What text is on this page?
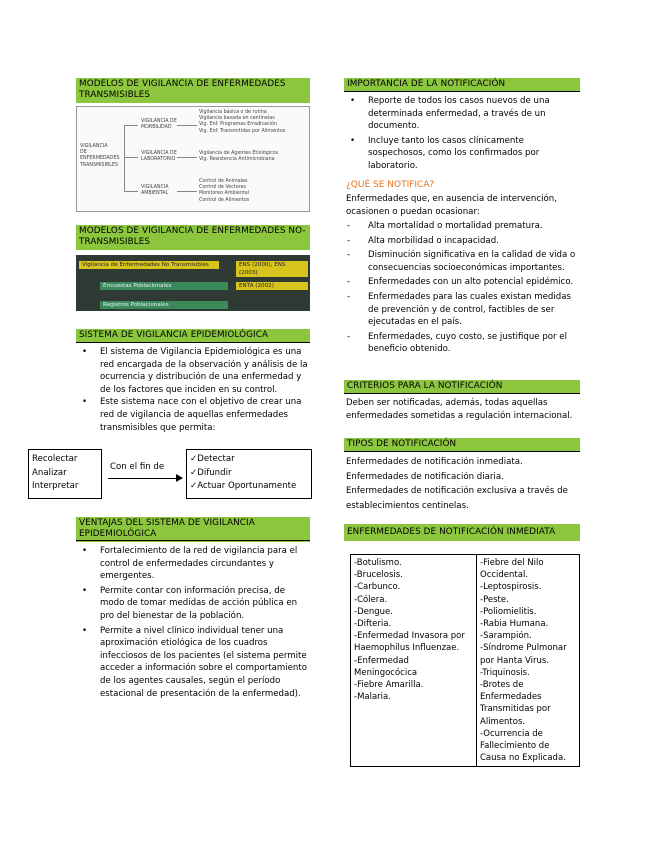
MODELOS DE VIGILANCIA DE ENFERMEDADES TRANSMISIBLES
VIGILANCIA
DE
ENFERMEDADES
TRANSMISIBLES
VIGILANCIA DE
MORBILIDAD
Vigilancia básica o de rutina
Vigilancia basada en centinelas
Vig. Enf. Programas Erradicación
Vig. Enf. Transmitidas por Alimentos
VIGILANCIA DE
LABORATORIO
Vigilancia de Agentes Etiológicos
Vig. Resistencia Antimicrobiana
VIGILANCIA
AMBIENTAL
Control de Animales
Control de Vectores
Monitoreo Ambiental
Control de Alimentos
MODELOS DE VIGILANCIA DE ENFERMEDADES NO-TRANSMISIBLES
Vigilancia de Enfermedades No Transmisibles	ENS (2000), ENS (2003)
Encuestas Poblacionales	ENTA (2002)
Registros Poblacionales
SISTEMA DE VIGILANCIA EPIDEMIOLÓGICA
• El sistema de Vigilancia Epidemiológica es una red encargada de la observación y análisis de la ocurrencia y distribución de una enfermedad y de los factores que inciden en su control.
• Este sistema nace con el objetivo de crear una red de vigilancia de aquellas enfermedades transmisibles que permita:
Recolectar
Analizar
Interpretar
Con el fin de
✓Detectar
✓Difundir
✓Actuar Oportunamente
VENTAJAS DEL SISTEMA DE VIGILANCIA EPIDEMIOLÓGICA
• Fortalecimiento de la red de vigilancia para el control de enfermedades circundantes y emergentes.
• Permite contar con información precisa, de modo de tomar medidas de acción pública en pro del bienestar de la población.
• Permite a nivel clínico individual tener una aproximación etiológica de los cuadros infecciosos de los pacientes (el sistema permite acceder a información sobre el comportamiento de los agentes causales, según el período estacional de presentación de la enfermedad).
IMPORTANCIA DE LA NOTIFICACIÓN
• Reporte de todos los casos nuevos de una determinada enfermedad, a través de un documento.
• Incluye tanto los casos clínicamente sospechosos, como los confirmados por laboratorio.
¿QUÉ SE NOTIFICA?
Enfermedades que, en ausencia de intervención, ocasionen o puedan ocasionar:
- Alta mortalidad o mortalidad prematura.
- Alta morbilidad o incapacidad.
- Disminución significativa en la calidad de vida o consecuencias socioeconómicas importantes.
- Enfermedades con un alto potencial epidémico.
- Enfermedades para las cuales existan medidas de prevención y de control, factibles de ser ejecutadas en el país.
- Enfermedades, cuyo costo, se justifique por el beneficio obtenido.
CRITERIOS PARA LA NOTIFICACIÓN
Deben ser notificadas, además, todas aquellas enfermedades sometidas a regulación internacional.
TIPOS DE NOTIFICACIÓN
Enfermedades de notificación inmediata.
Enfermedades de notificación diaria.
Enfermedades de notificación exclusiva a través de establecimientos centinelas.
ENFERMEDADES DE NOTIFICACIÓN INMEDIATA
-Botulismo.
-Brucelosis.
-Carbunco.
-Cólera.
-Dengue.
-Difteria.
-Enfermedad Invasora por Haemophilus Influenzae.
-Enfermedad Meningocócica
-Fiebre Amarilla.
-Malaria.

-Fiebre del Nilo Occidental.
-Leptospirosis.
-Peste.
-Poliomielitis.
-Rabia Humana.
-Sarampión.
-Síndrome Pulmonar por Hanta Virus.
-Triquinosis.
-Brotes de Enfermedades Transmitidas por Alimentos.
-Ocurrencia de Fallecimiento de Causa no Explicada.
